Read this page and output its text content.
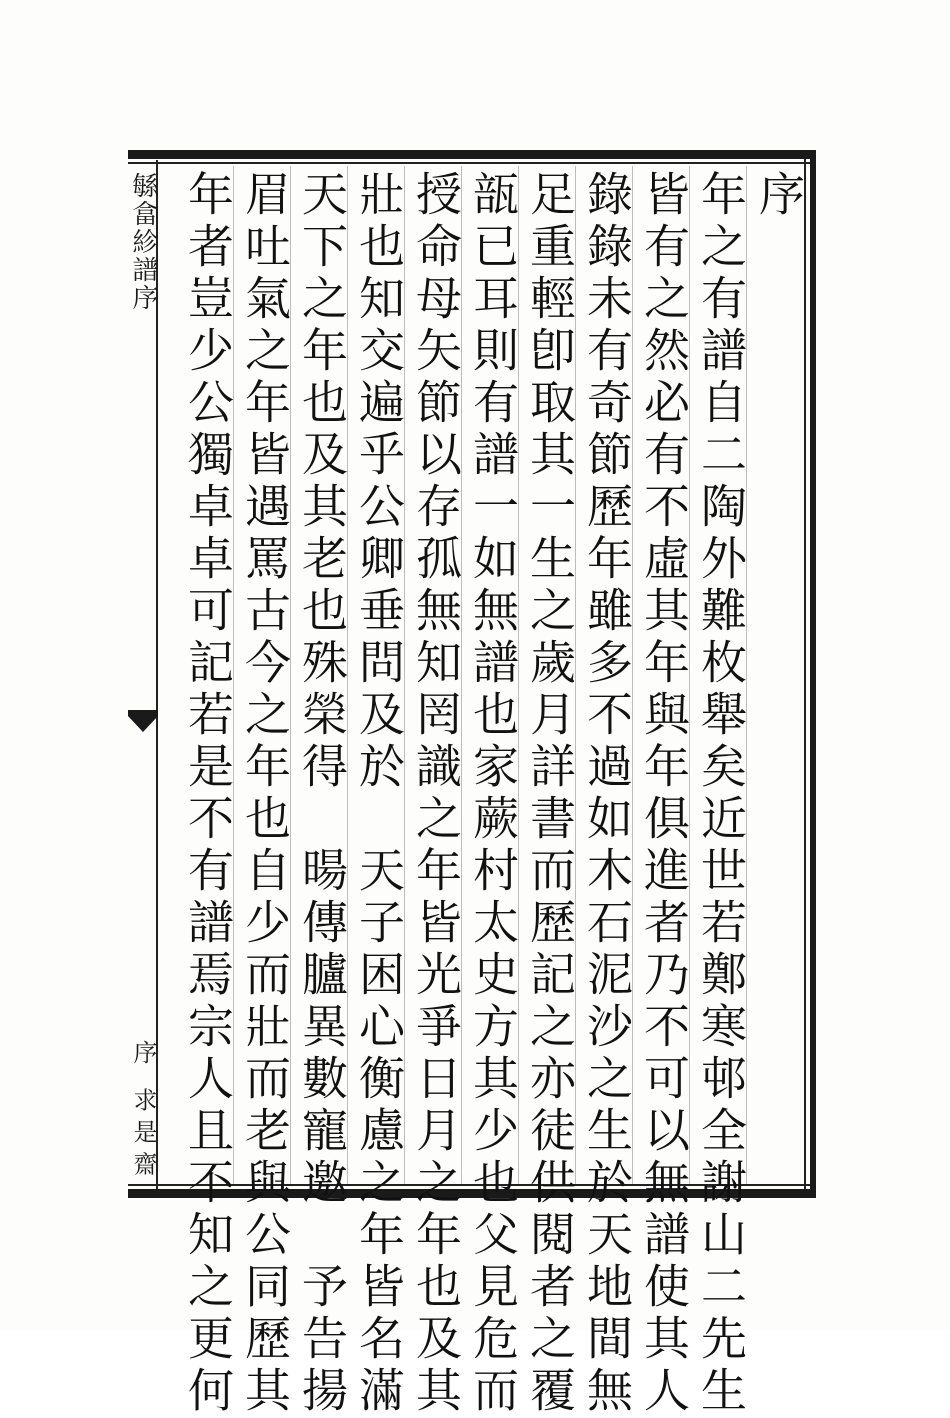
緐畣紾譜序
序 求是齋
序
年之有譜自二陶外難枚舉矣近世若鄭寒邨全謝山二先生
皆有之然必有不虛其年與年俱進者乃不可以無譜使其人
錄錄未有奇節歷年雖多不過如木石泥沙之生於天地間無
足重輕卽取其一生之歲月詳書而歷記之亦徒供閱者之覆
瓿已耳則有譜一如無譜也家蕨村太史方其少也父見危而
授命母矢節以存孤無知罔識之年皆光爭日月之年也及其
壯也知交遍乎公卿垂問及於　天子困心衡慮之年皆名滿
天下之年也及其老也殊榮得　暘傳臚異數寵邀　予告揚
眉吐氣之年皆遇罵古今之年也自少而壯而老與公同歷其
年者豈少公獨卓卓可記若是不有譜焉宗人且不知之更何
